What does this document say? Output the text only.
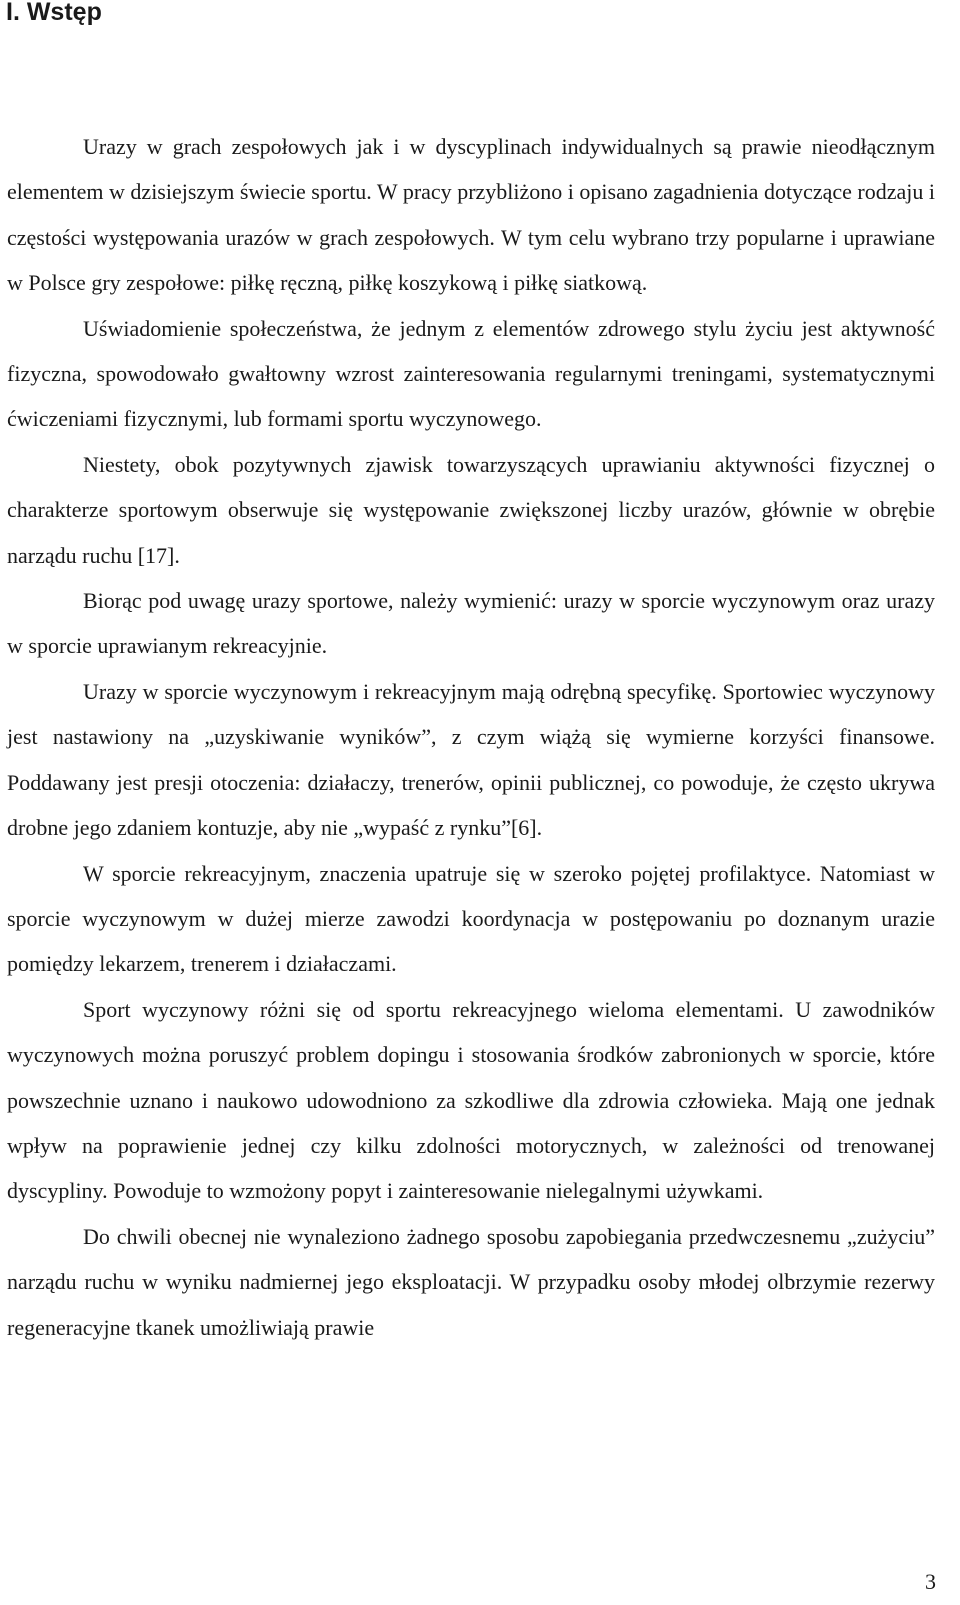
I. Wstęp

Urazy w grach zespołowych jak i w dyscyplinach indywidualnych są prawie nieodłącznym elementem w dzisiejszym świecie sportu. W pracy przybliżono i opisano zagadnienia dotyczące rodzaju i częstości występowania urazów w grach zespołowych. W tym celu wybrano trzy popularne i uprawiane w Polsce gry zespołowe: piłkę ręczną, piłkę koszykową i piłkę siatkową.

Uświadomienie społeczeństwa, że jednym z elementów zdrowego stylu życiu jest aktywność fizyczna, spowodowało gwałtowny wzrost zainteresowania regularnymi treningami, systematycznymi ćwiczeniami fizycznymi, lub formami sportu wyczynowego.

Niestety, obok pozytywnych zjawisk towarzyszących uprawianiu aktywności fizycznej o charakterze sportowym obserwuje się występowanie zwiększonej liczby urazów, głównie w obrębie narządu ruchu [17].

Biorąc pod uwagę urazy sportowe, należy wymienić: urazy w sporcie wyczynowym oraz urazy w sporcie uprawianym rekreacyjnie.

Urazy w sporcie wyczynowym i rekreacyjnym mają odrębną specyfikę. Sportowiec wyczynowy jest nastawiony na „uzyskiwanie wyników”, z czym wiążą się wymierne korzyści finansowe. Poddawany jest presji otoczenia: działaczy, trenerów, opinii publicznej, co powoduje, że często ukrywa drobne jego zdaniem kontuzje, aby nie „wypaść z rynku”[6].

W sporcie rekreacyjnym, znaczenia upatruje się w szeroko pojętej profilaktyce. Natomiast w sporcie wyczynowym w dużej mierze zawodzi koordynacja w postępowaniu po doznanym urazie pomiędzy lekarzem, trenerem i działaczami.

Sport wyczynowy różni się od sportu rekreacyjnego wieloma elementami. U zawodników wyczynowych można poruszyć problem dopingu i stosowania środków zabronionych w sporcie, które powszechnie uznano i naukowo udowodniono za szkodliwe dla zdrowia człowieka. Mają one jednak wpływ na poprawienie jednej czy kilku zdolności motorycznych, w zależności od trenowanej dyscypliny. Powoduje to wzmożony popyt i zainteresowanie nielegalnymi używkami.

Do chwili obecnej nie wynaleziono żadnego sposobu zapobiegania przedwczesnemu „zużyciu” narządu ruchu w wyniku nadmiernej jego eksploatacji. W przypadku osoby młodej olbrzymie rezerwy regeneracyjne tkanek umożliwiają prawie

3
